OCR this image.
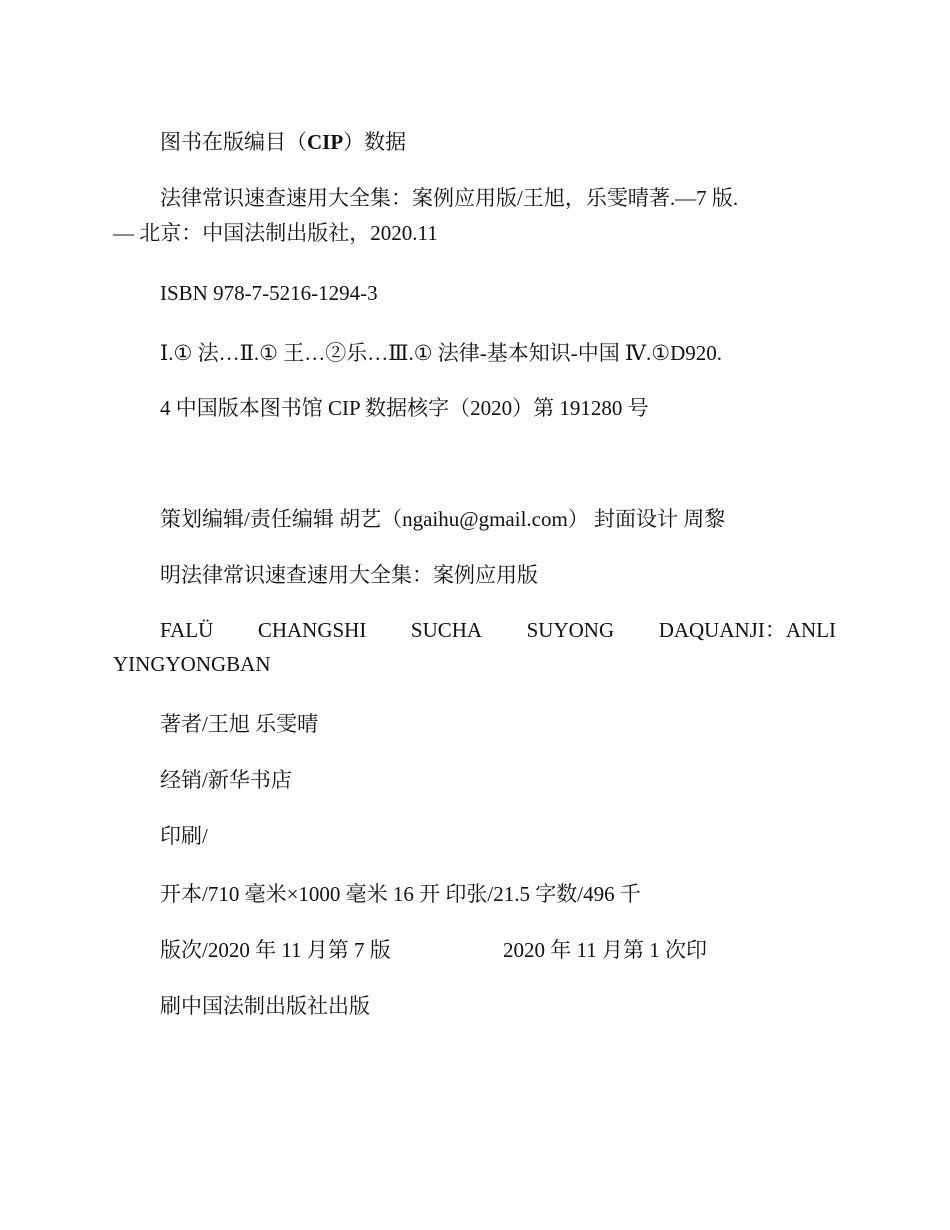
图书在版编目（CIP）数据
法律常识速查速用大全集：案例应用版/王旭，乐雯晴著.—7 版.
— 北京：中国法制出版社，2020.11
ISBN 978-7-5216-1294-3
Ⅰ.① 法…Ⅱ.① 王…②乐…Ⅲ.① 法律-基本知识-中国 Ⅳ.①D920.
4 中国版本图书馆 CIP 数据核字（2020）第 191280 号
策划编辑/责任编辑 胡艺（ngaihu@gmail.com） 封面设计 周黎
明法律常识速查速用大全集：案例应用版
FALÜ CHANGSHI SUCHA SUYONG DAQUANJI：ANLI
YINGYONGBAN
著者/王旭 乐雯晴
经销/新华书店
印刷/
开本/710 毫米×1000 毫米 16 开 印张/21.5 字数/496 千
版次/2020 年 11 月第 7 版	2020 年 11 月第 1 次印
刷中国法制出版社出版
